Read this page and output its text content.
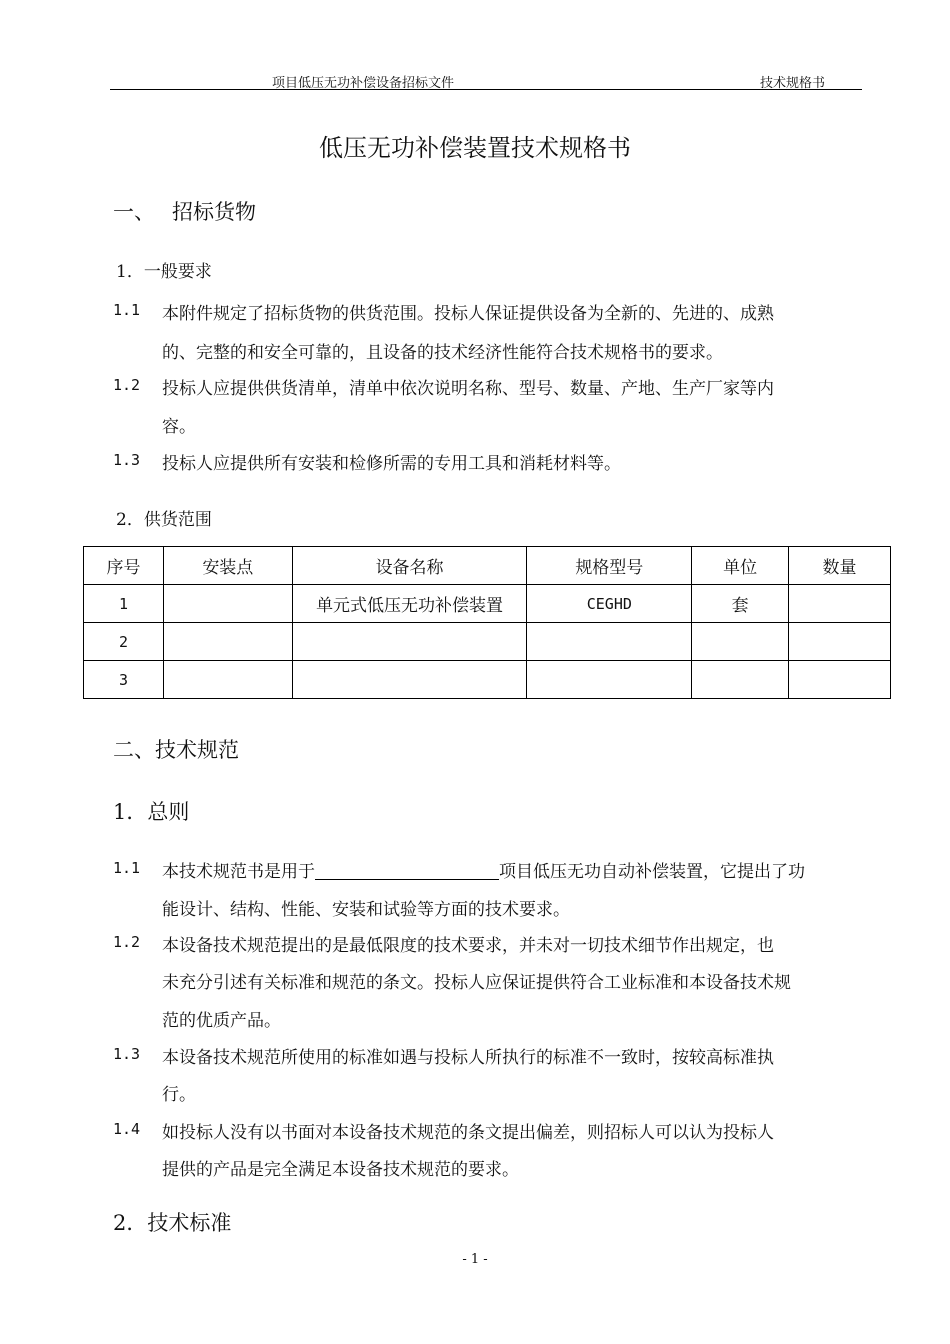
项目低压无功补偿设备招标文件	技术规格书
低压无功补偿装置技术规格书
一、 招标货物
1．一般要求
1.1 本附件规定了招标货物的供货范围。投标人保证提供设备为全新的、先进的、成熟
的、完整的和安全可靠的，且设备的技术经济性能符合技术规格书的要求。
1.2 投标人应提供供货清单，清单中依次说明名称、型号、数量、产地、生产厂家等内
容。
1.3 投标人应提供所有安装和检修所需的专用工具和消耗材料等。
2．供货范围
序号	安装点	设备名称	规格型号	单位	数量
1		单元式低压无功补偿装置	CEGHD	套	
2					
3					
二、技术规范
1．总则
1.1 本技术规范书是用于	项目低压无功自动补偿装置，它提出了功
能设计、结构、性能、安装和试验等方面的技术要求。
1.2 本设备技术规范提出的是最低限度的技术要求，并未对一切技术细节作出规定，也
未充分引述有关标准和规范的条文。投标人应保证提供符合工业标准和本设备技术规
范的优质产品。
1.3 本设备技术规范所使用的标准如遇与投标人所执行的标准不一致时，按较高标准执
行。
1.4 如投标人没有以书面对本设备技术规范的条文提出偏差，则招标人可以认为投标人
提供的产品是完全满足本设备技术规范的要求。
2．技术标准
- 1 -
